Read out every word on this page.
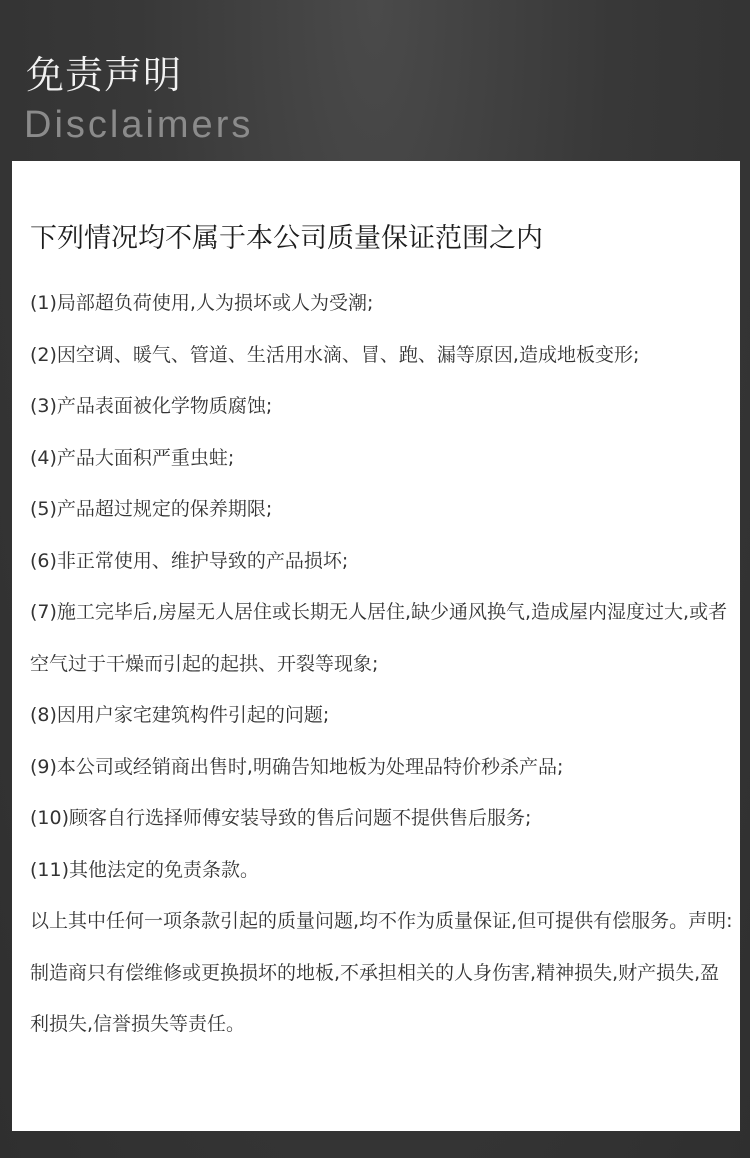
免责声明
Disclaimers
下列情况均不属于本公司质量保证范围之内
(1)局部超负荷使用,人为损坏或人为受潮;
(2)因空调、暖气、管道、生活用水滴、冒、跑、漏等原因,造成地板变形;
(3)产品表面被化学物质腐蚀;
(4)产品大面积严重虫蛀;
(5)产品超过规定的保养期限;
(6)非正常使用、维护导致的产品损坏;
(7)施工完毕后,房屋无人居住或长期无人居住,缺少通风换气,造成屋内湿度过大,或者空气过于干燥而引起的起拱、开裂等现象;
(8)因用户家宅建筑构件引起的问题;
(9)本公司或经销商出售时,明确告知地板为处理品特价秒杀产品;
(10)顾客自行选择师傅安装导致的售后问题不提供售后服务;
(11)其他法定的免责条款。
以上其中任何一项条款引起的质量问题,均不作为质量保证,但可提供有偿服务。声明:制造商只有偿维修或更换损坏的地板,不承担相关的人身伤害,精神损失,财产损失,盈利损失,信誉损失等责任。
